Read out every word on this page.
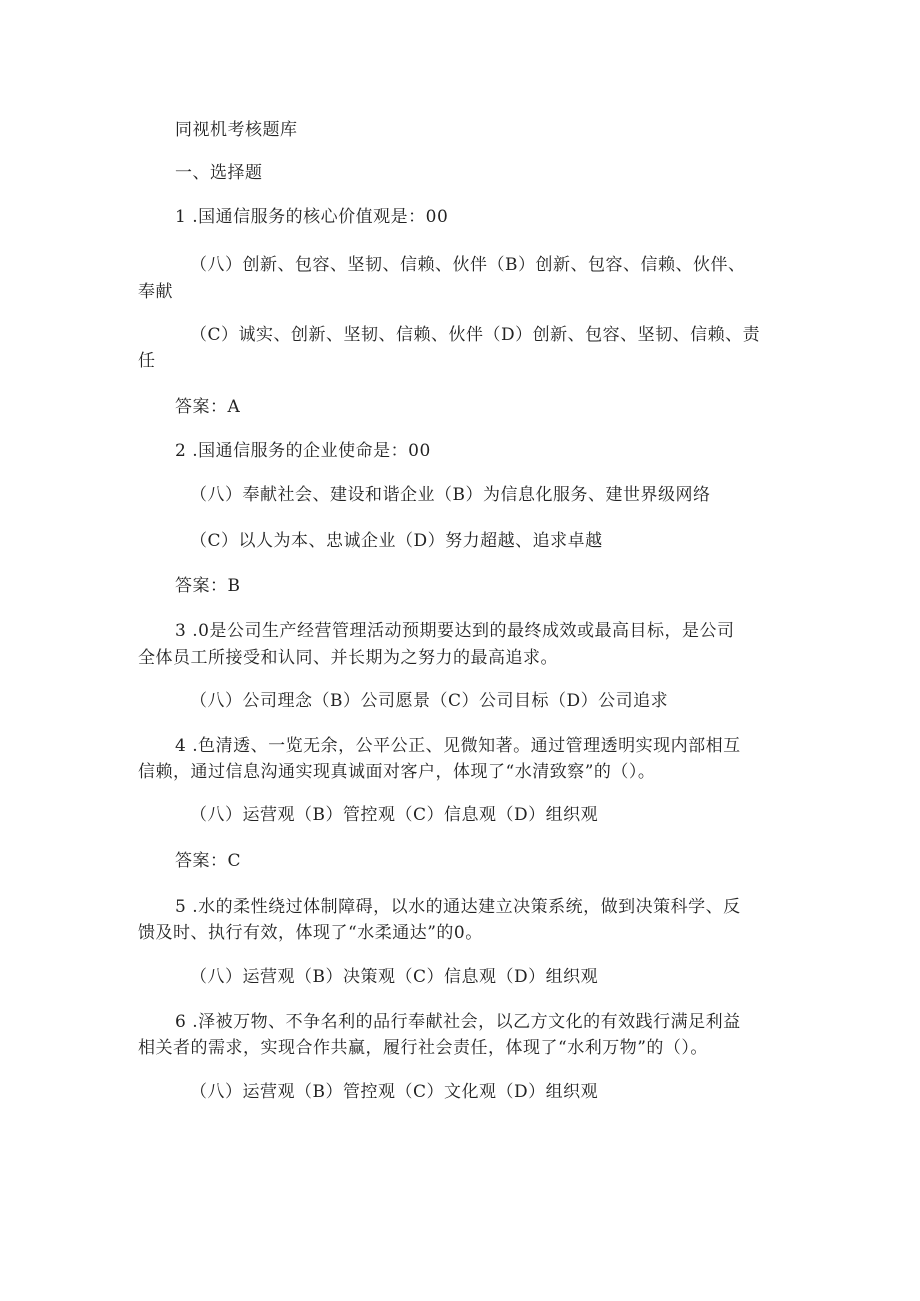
同视机考核题库
一、选择题
1 .国通信服务的核心价值观是：00
（八）创新、包容、坚韧、信赖、伙伴（B）创新、包容、信赖、伙伴、
奉献
（C）诚实、创新、坚韧、信赖、伙伴（D）创新、包容、坚韧、信赖、责
任
答案：A
2 .国通信服务的企业使命是：00
（八）奉献社会、建设和谐企业（B）为信息化服务、建世界级网络
（C）以人为本、忠诚企业（D）努力超越、追求卓越
答案：B
3 .0是公司生产经营管理活动预期要达到的最终成效或最高目标，是公司
全体员工所接受和认同、并长期为之努力的最高追求。
（八）公司理念（B）公司愿景（C）公司目标（D）公司追求
4 .色清透、一览无余，公平公正、见微知著。通过管理透明实现内部相互
信赖，通过信息沟通实现真诚面对客户，体现了“水清致察”的（）。
（八）运营观（B）管控观（C）信息观（D）组织观
答案：C
5 .水的柔性绕过体制障碍，以水的通达建立决策系统，做到决策科学、反
馈及时、执行有效，体现了“水柔通达”的0。
（八）运营观（B）决策观（C）信息观（D）组织观
6 .泽被万物、不争名利的品行奉献社会，以乙方文化的有效践行满足利益
相关者的需求，实现合作共赢，履行社会责任，体现了“水利万物”的（）。
（八）运营观（B）管控观（C）文化观（D）组织观
